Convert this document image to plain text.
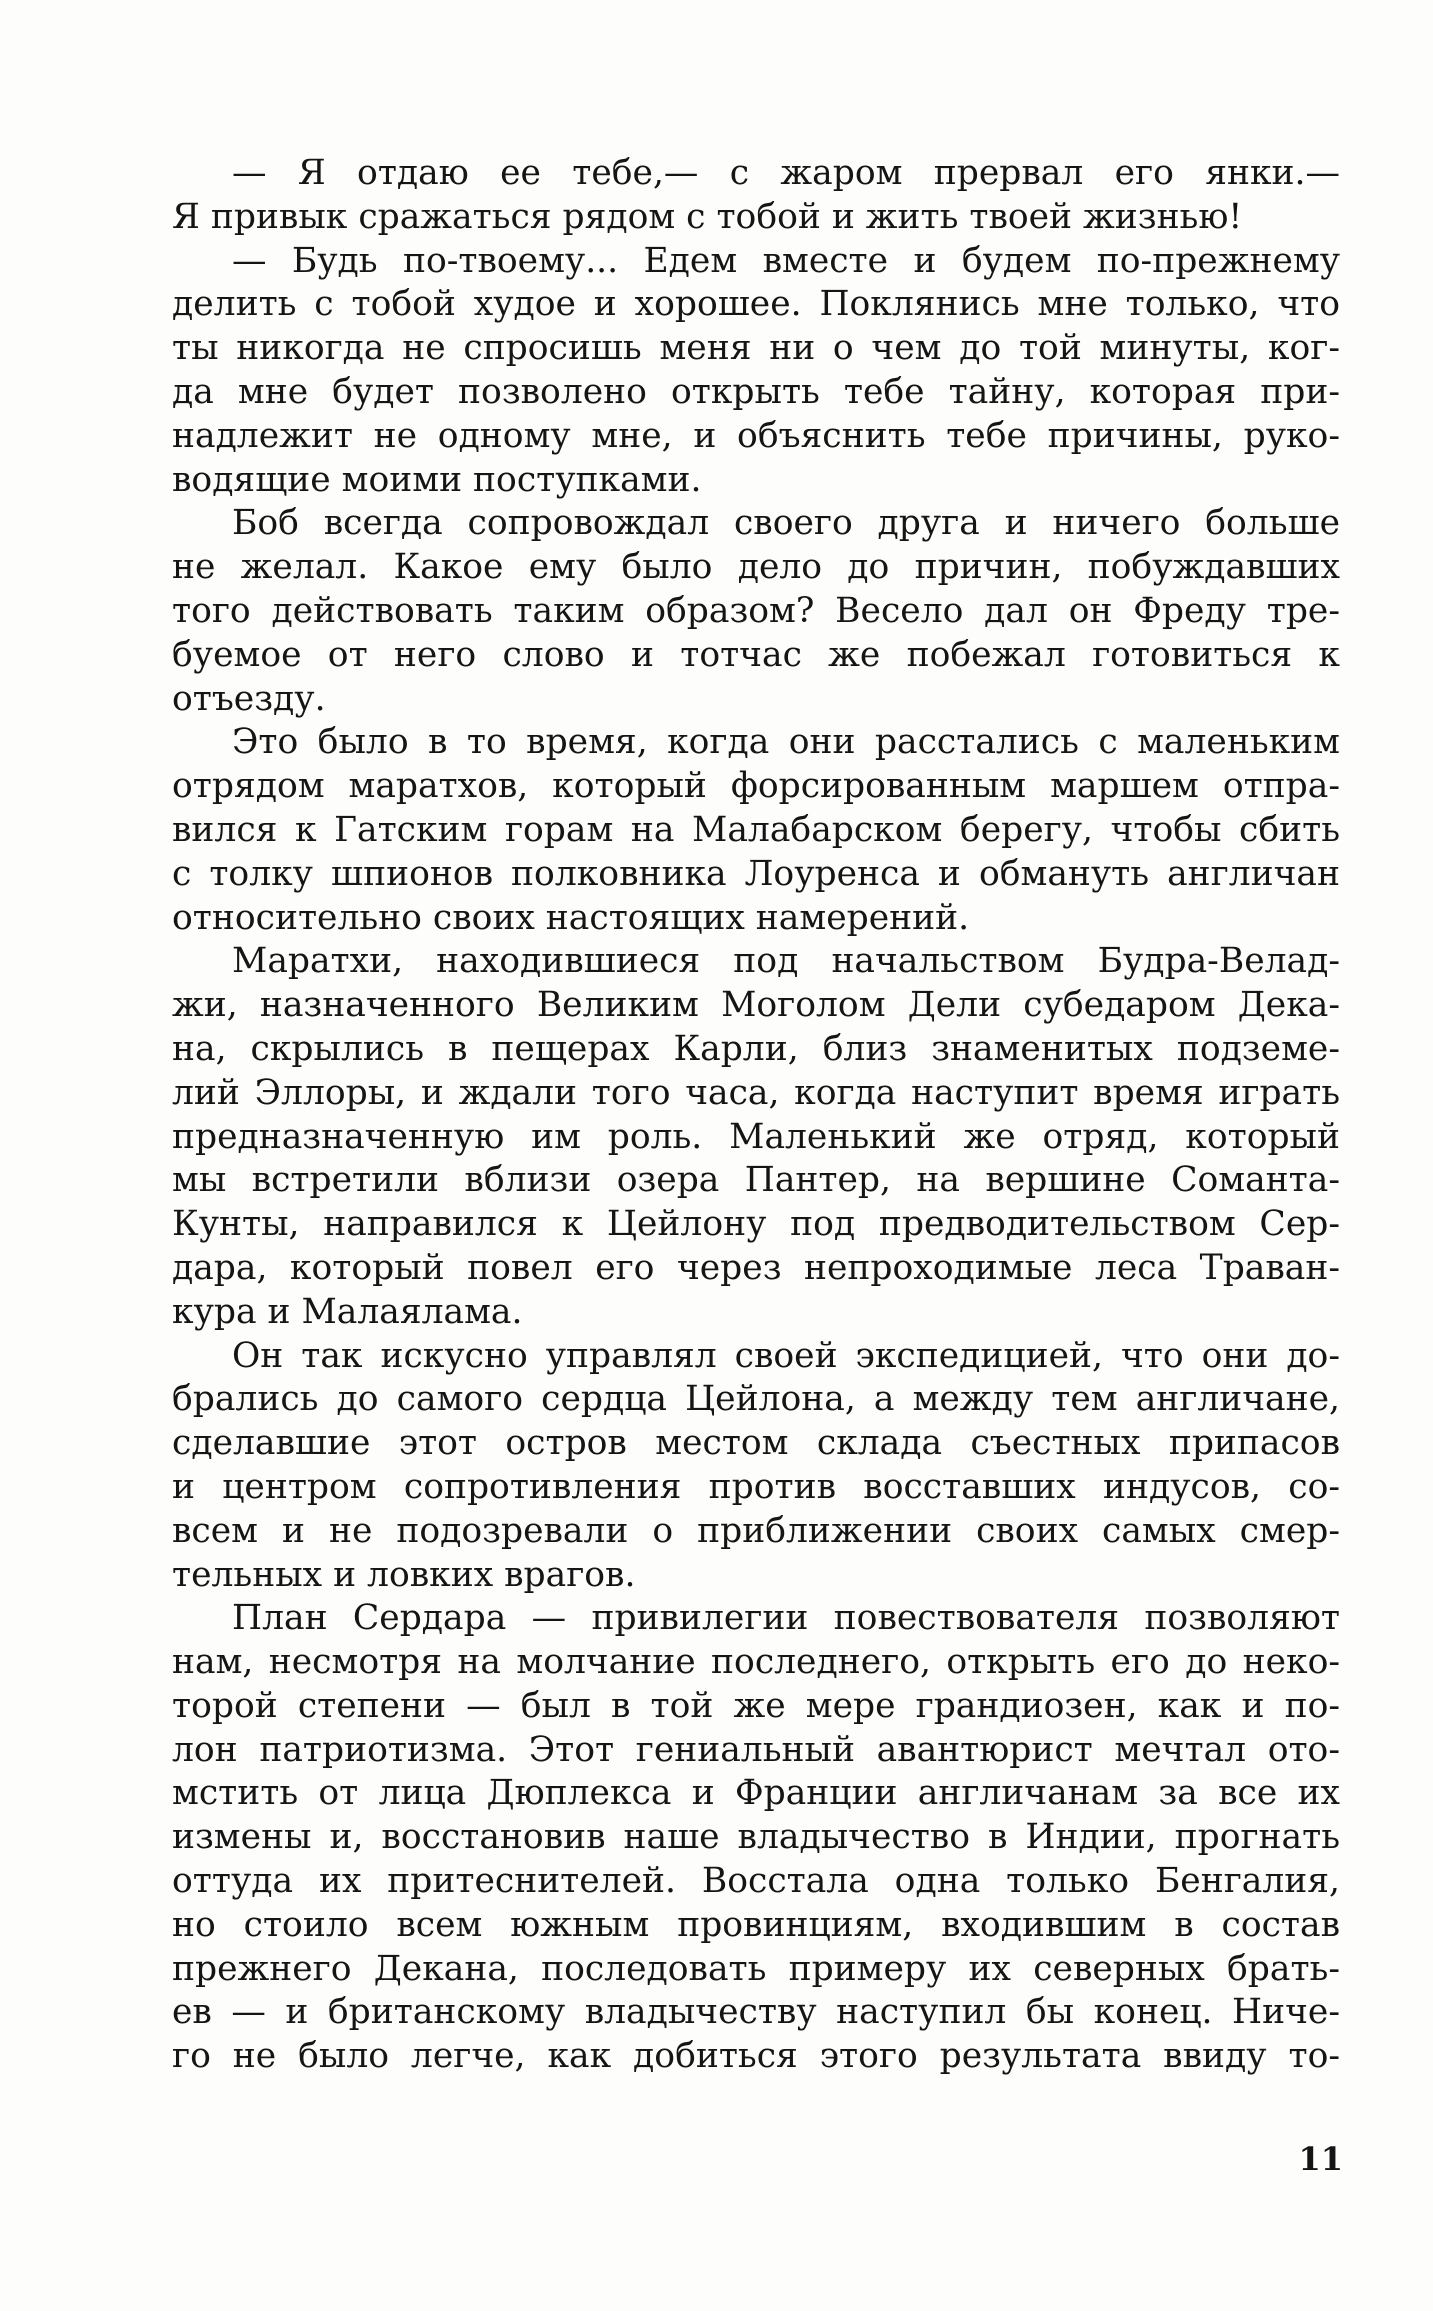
— Я отдаю ее тебе,— с жаром прервал его янки.—
Я привык сражаться рядом с тобой и жить твоей жизнью!
— Будь по-твоему... Едем вместе и будем по-прежнему
делить с тобой худое и хорошее. Поклянись мне только, что
ты никогда не спросишь меня ни о чем до той минуты, ког-
да мне будет позволено открыть тебе тайну, которая при-
надлежит не одному мне, и объяснить тебе причины, руко-
водящие моими поступками.
Боб всегда сопровождал своего друга и ничего больше
не желал. Какое ему было дело до причин, побуждавших
того действовать таким образом? Весело дал он Фреду тре-
буемое от него слово и тотчас же побежал готовиться к
отъезду.
Это было в то время, когда они расстались с маленьким
отрядом маратхов, который форсированным маршем отпра-
вился к Гатским горам на Малабарском берегу, чтобы сбить
с толку шпионов полковника Лоуренса и обмануть англичан
относительно своих настоящих намерений.
Маратхи, находившиеся под начальством Будра-Велад-
жи, назначенного Великим Моголом Дели субедаром Дека-
на, скрылись в пещерах Карли, близ знаменитых подземе-
лий Эллоры, и ждали того часа, когда наступит время играть
предназначенную им роль. Маленький же отряд, который
мы встретили вблизи озера Пантер, на вершине Соманта-
Кунты, направился к Цейлону под предводительством Сер-
дара, который повел его через непроходимые леса Траван-
кура и Малаялама.
Он так искусно управлял своей экспедицией, что они до-
брались до самого сердца Цейлона, а между тем англичане,
сделавшие этот остров местом склада съестных припасов
и центром сопротивления против восставших индусов, со-
всем и не подозревали о приближении своих самых смер-
тельных и ловких врагов.
План Сердара — привилегии повествователя позволяют
нам, несмотря на молчание последнего, открыть его до неко-
торой степени — был в той же мере грандиозен, как и по-
лон патриотизма. Этот гениальный авантюрист мечтал ото-
мстить от лица Дюплекса и Франции англичанам за все их
измены и, восстановив наше владычество в Индии, прогнать
оттуда их притеснителей. Восстала одна только Бенгалия,
но стоило всем южным провинциям, входившим в состав
прежнего Декана, последовать примеру их северных брать-
ев — и британскому владычеству наступил бы конец. Ниче-
го не было легче, как добиться этого результата ввиду то-
11
